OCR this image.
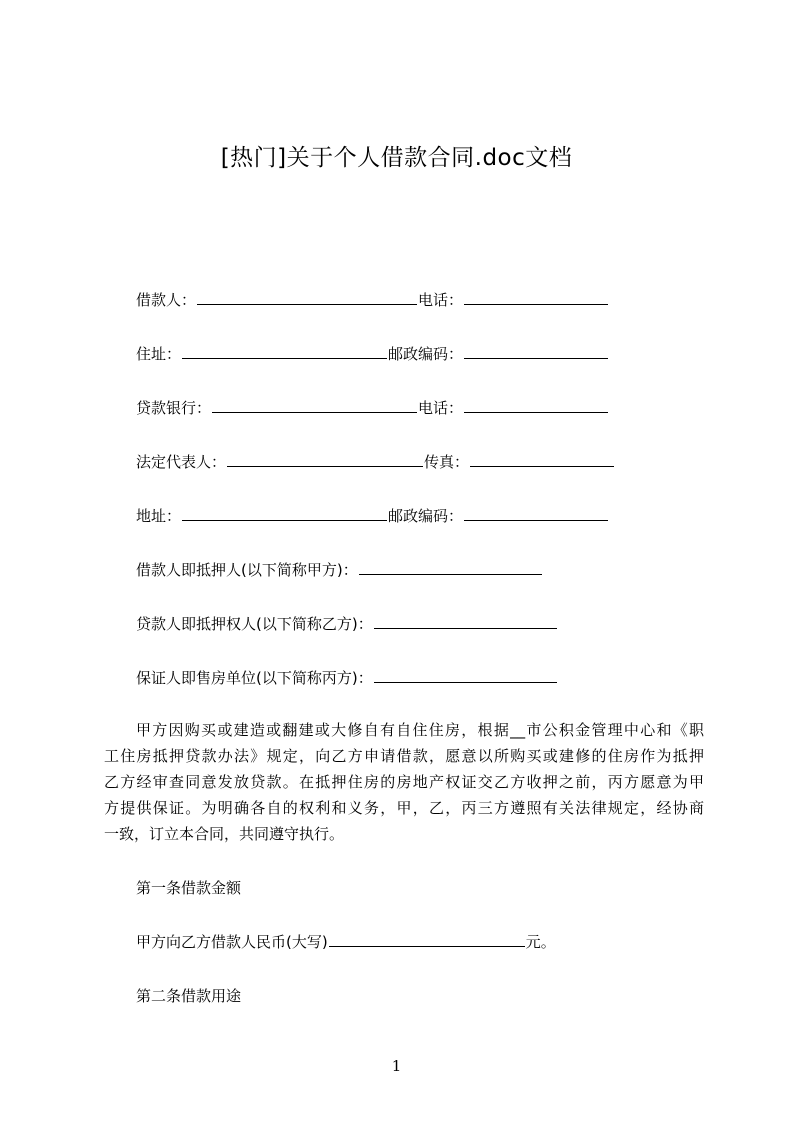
[热门]关于个人借款合同.doc文档
借款人：	电话：
住址：	邮政编码：
贷款银行：	电话：
法定代表人：	传真：
地址：	邮政编码：
借款人即抵押人(以下简称甲方)：
贷款人即抵押权人(以下简称乙方)：
保证人即售房单位(以下简称丙方)：
甲方因购买或建造或翻建或大修自有自住住房，根据__市公积金管理中心和《职
工住房抵押贷款办法》规定，向乙方申请借款，愿意以所购买或建修的住房作为抵押
乙方经审查同意发放贷款。在抵押住房的房地产权证交乙方收押之前，丙方愿意为甲
方提供保证。为明确各自的权利和义务，甲，乙，丙三方遵照有关法律规定，经协商
一致，订立本合同，共同遵守执行。
第一条借款金额
甲方向乙方借款人民币(大写)	元。
第二条借款用途
1
